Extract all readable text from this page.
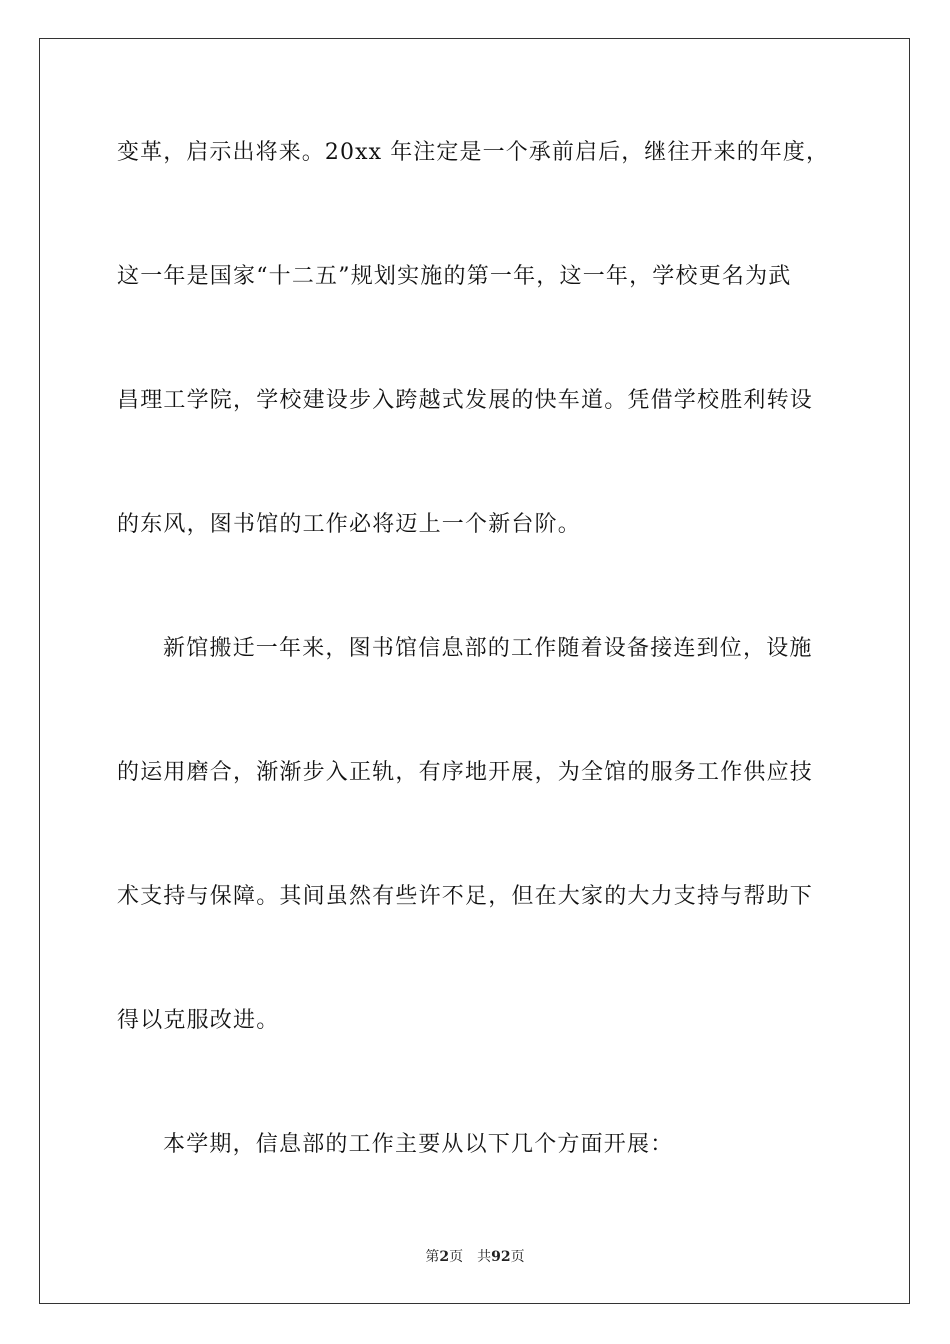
变革，启示出将来。20xx 年注定是一个承前启后，继往开来的年度，
这一年是国家“十二五”规划实施的第一年，这一年，学校更名为武
昌理工学院，学校建设步入跨越式发展的快车道。凭借学校胜利转设
的东风，图书馆的工作必将迈上一个新台阶。
新馆搬迁一年来，图书馆信息部的工作随着设备接连到位，设施
的运用磨合，渐渐步入正轨，有序地开展，为全馆的服务工作供应技
术支持与保障。其间虽然有些许不足，但在大家的大力支持与帮助下
得以克服改进。
本学期，信息部的工作主要从以下几个方面开展：
第2页 共92页
